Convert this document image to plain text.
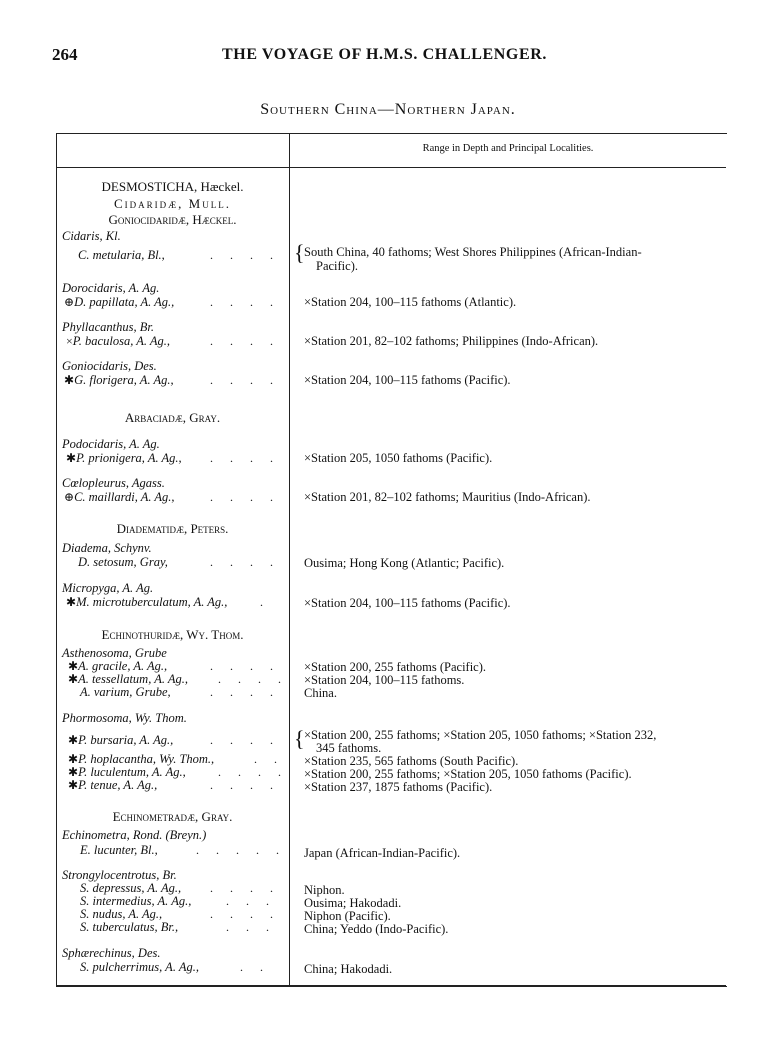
264	THE VOYAGE OF H.M.S. CHALLENGER.
Southern China—Northern Japan.
Range in Depth and Principal Localities.
DESMOSTICHA, Hæckel.
Cidaridæ, Mull.
Goniocidaridæ, Hæckel.
Cidaris, Kl.
C. metularia, Bl.,	. . . . { South China, 40 fathoms; West Shores Philippines (African-Indian-
Pacific).
Dorocidaris, A. Ag.
⊕D. papillata, A. Ag.,	. . . . ×Station 204, 100–115 fathoms (Atlantic).
Phyllacanthus, Br.
×P. baculosa, A. Ag.,	. . . . ×Station 201, 82–102 fathoms; Philippines (Indo-African).
Goniocidaris, Des.
✱G. florigera, A. Ag.,	. . . . ×Station 204, 100–115 fathoms (Pacific).
Arbaciadæ, Gray.
Podocidaris, A. Ag.
✱P. prionigera, A. Ag., . . . . ×Station 205, 1050 fathoms (Pacific).
Cœlopleurus, Agass.
⊕C. maillardi, A. Ag.,	. . . . ×Station 201, 82–102 fathoms; Mauritius (Indo-African).
Diadematidæ, Peters.
Diadema, Schynv.
D. setosum, Gray,	. . . . Ousima; Hong Kong (Atlantic; Pacific).
Micropyga, A. Ag.
✱M. microtuberculatum, A. Ag.,	.	×Station 204, 100–115 fathoms (Pacific).
Echinothuridæ, Wy. Thom.
Asthenosoma, Grube
✱A. gracile, A. Ag.,	. . . . ×Station 200, 255 fathoms (Pacific).
✱A. tessellatum, A. Ag., . . . . ×Station 204, 100–115 fathoms.
A. varium, Grube,	. . . . China.
Phormosoma, Wy. Thom.
✱P. bursaria, A. Ag.,	. . . . { ×Station 200, 255 fathoms; ×Station 205, 1050 fathoms; ×Station 232,
345 fathoms.
✱P. hoplacantha, Wy. Thom.,	. . ×Station 235, 565 fathoms (South Pacific).
✱P. luculentum, A. Ag.,	. . . . ×Station 200, 255 fathoms; ×Station 205, 1050 fathoms (Pacific).
✱P. tenue, A. Ag.,	. . . . ×Station 237, 1875 fathoms (Pacific).
Echinometradæ, Gray.
Echinometra, Rond. (Breyn.)
E. lucunter, Bl.,	. . . . . Japan (African-Indian-Pacific).
Strongylocentrotus, Br.
S. depressus, A. Ag., . . . . Niphon.
S. intermedius, A. Ag.,	. . . Ousima; Hakodadi.
S. nudus, A. Ag.,	. . . . Niphon (Pacific).
S. tuberculatus, Br.,	. . . China; Yeddo (Indo-Pacific).
Sphærechinus, Des.
S. pulcherrimus, A. Ag.,	. .	China; Hakodadi.
